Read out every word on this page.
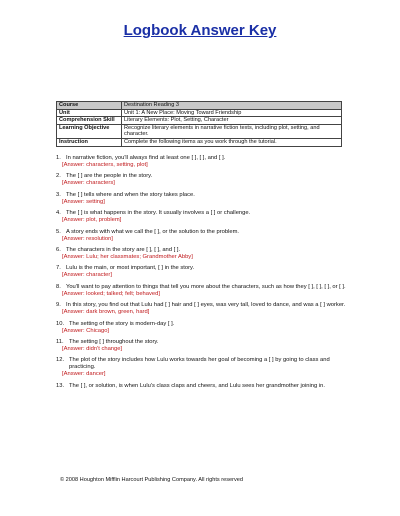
Logbook Answer Key
Course	Destination Reading 3
Unit	Unit 1: A New Place: Moving Toward Friendship
Comprehension Skill	Literary Elements: Plot, Setting, Character
Learning Objective	Recognize literary elements in narrative fiction texts, including plot, setting, and character.
Instruction	Complete the following items as you work through the tutorial.
1. In narrative fiction, you'll always find at least one [ ], [ ], and [ ].
[Answer: characters, setting, plot]
2. The [ ] are the people in the story.
[Answer: characters]
3. The [ ] tells where and when the story takes place.
[Answer: setting]
4. The [ ] is what happens in the story. It usually involves a [ ] or challenge.
[Answer: plot, problem]
5. A story ends with what we call the [ ], or the solution to the problem.
[Answer: resolution]
6. The characters in the story are [ ], [ ], and [ ].
[Answer: Lulu; her classmates; Grandmother Abby]
7. Lulu is the main, or most important, [ ] in the story.
[Answer: character]
8. You'll want to pay attention to things that tell you more about the characters, such as how they [ ], [ ], [ ], or [ ].
[Answer: looked; talked; felt; behaved]
9. In this story, you find out that Lulu had [ ] hair and [ ] eyes, was very tall, loved to dance, and was a [ ] worker.
[Answer: dark brown, green, hard]
10. The setting of the story is modern-day [ ].
[Answer: Chicago]
11. The setting [ ] throughout the story.
[Answer: didn't change]
12. The plot of the story includes how Lulu works towards her goal of becoming a [ ] by going to class and practicing.
[Answer: dancer]
13. The [ ], or solution, is when Lulu's class claps and cheers, and Lulu sees her grandmother joining in.
© 2008 Houghton Mifflin Harcourt Publishing Company. All rights reserved
